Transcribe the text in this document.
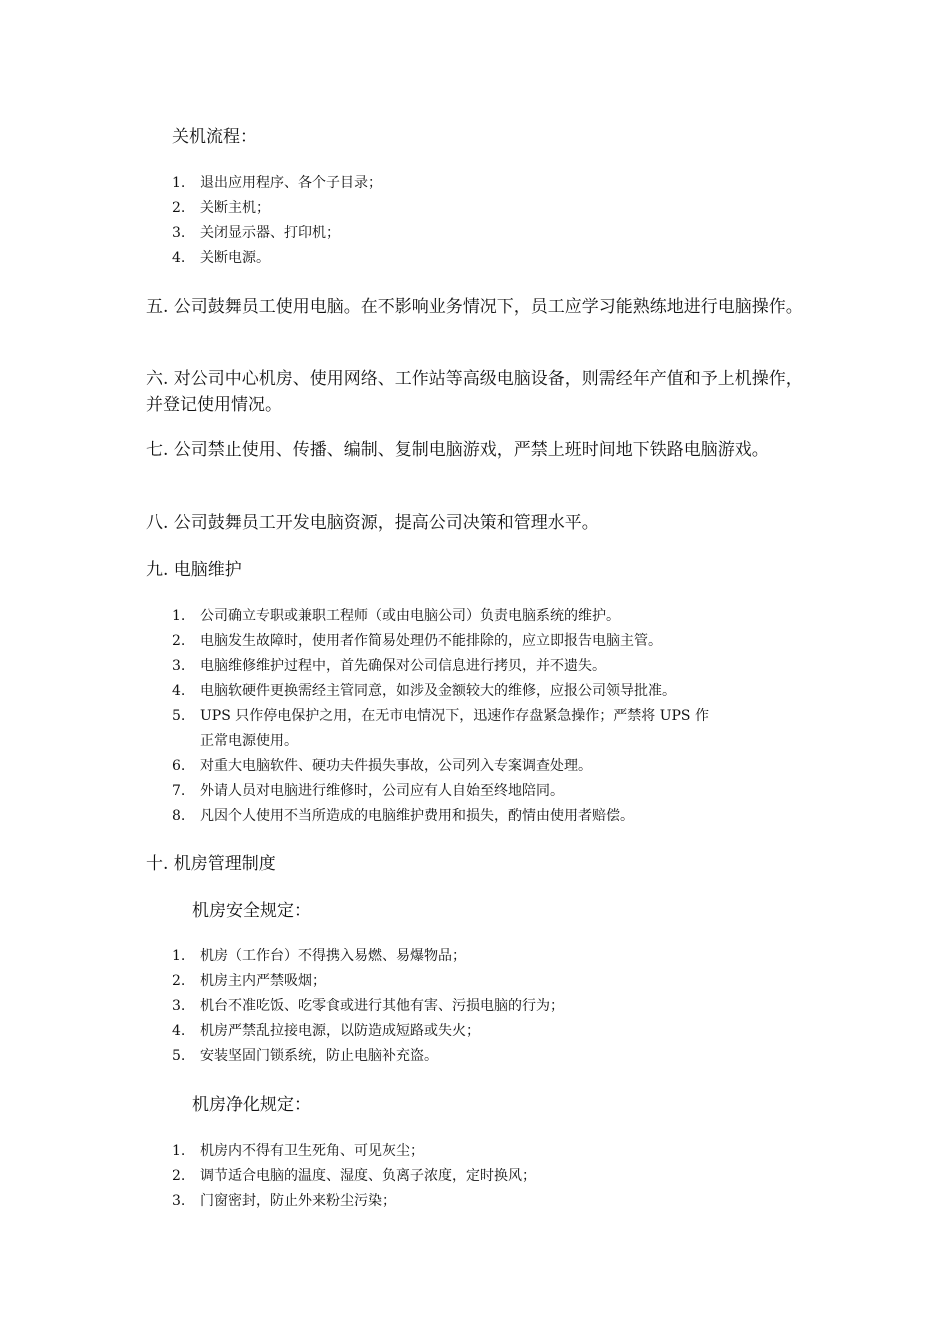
关机流程：
1.	退出应用程序、各个子目录；
2.	关断主机；
3.	关闭显示器、打印机；
4.	关断电源。
五. 公司鼓舞员工使用电脑。在不影响业务情况下，员工应学习能熟练地进行电脑操作。
六. 对公司中心机房、使用网络、工作站等高级电脑设备，则需经年产值和予上机操作，并登记使用情况。
七. 公司禁止使用、传播、编制、复制电脑游戏，严禁上班时间地下铁路电脑游戏。
八. 公司鼓舞员工开发电脑资源，提高公司决策和管理水平。
九. 电脑维护
1.	公司确立专职或兼职工程师（或由电脑公司）负责电脑系统的维护。
2.	电脑发生故障时，使用者作简易处理仍不能排除的，应立即报告电脑主管。
3.	电脑维修维护过程中，首先确保对公司信息进行拷贝，并不遗失。
4.	电脑软硬件更换需经主管同意，如涉及金额较大的维修，应报公司领导批准。
5.	UPS 只作停电保护之用，在无市电情况下，迅速作存盘紧急操作；严禁将 UPS 作
正常电源使用。
6.	对重大电脑软件、硬功夫件损失事故，公司列入专案调查处理。
7.	外请人员对电脑进行维修时，公司应有人自始至终地陪同。
8.	凡因个人使用不当所造成的电脑维护费用和损失，酌情由使用者赔偿。
十. 机房管理制度
机房安全规定：
1.	机房（工作台）不得携入易燃、易爆物品；
2.	机房主内严禁吸烟；
3.	机台不准吃饭、吃零食或进行其他有害、污损电脑的行为；
4.	机房严禁乱拉接电源，以防造成短路或失火；
5.	安装坚固门锁系统，防止电脑补充盗。
机房净化规定：
1.	机房内不得有卫生死角、可见灰尘；
2.	调节适合电脑的温度、湿度、负离子浓度，定时换风；
3.	门窗密封，防止外来粉尘污染；
